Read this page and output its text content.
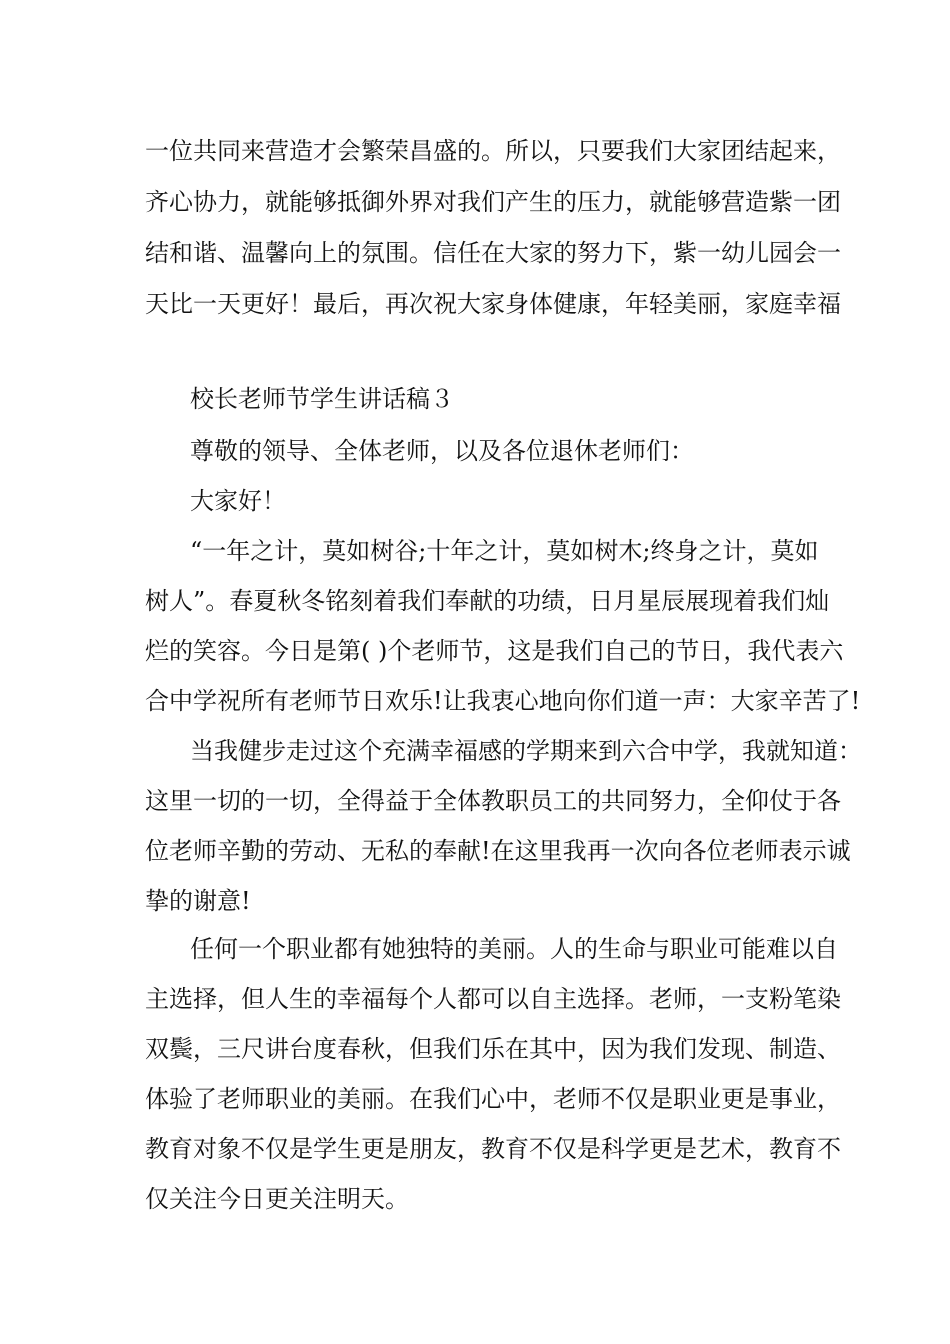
一位共同来营造才会繁荣昌盛的。所以，只要我们大家团结起来，
齐心协力，就能够抵御外界对我们产生的压力，就能够营造紫一团
结和谐、温馨向上的氛围。信任在大家的努力下，紫一幼儿园会一
天比一天更好！最后，再次祝大家身体健康，年轻美丽，家庭幸福
校长老师节学生讲话稿３
尊敬的领导、全体老师，以及各位退休老师们：
大家好！
“一年之计，莫如树谷;十年之计，莫如树木;终身之计，莫如
树人”。春夏秋冬铭刻着我们奉献的功绩，日月星辰展现着我们灿
烂的笑容。今日是第( )个老师节，这是我们自己的节日，我代表六
合中学祝所有老师节日欢乐!让我衷心地向你们道一声：大家辛苦了!
当我健步走过这个充满幸福感的学期来到六合中学，我就知道：
这里一切的一切，全得益于全体教职员工的共同努力，全仰仗于各
位老师辛勤的劳动、无私的奉献!在这里我再一次向各位老师表示诚
挚的谢意!
任何一个职业都有她独特的美丽。人的生命与职业可能难以自
主选择，但人生的幸福每个人都可以自主选择。老师，一支粉笔染
双鬓，三尺讲台度春秋，但我们乐在其中，因为我们发现、制造、
体验了老师职业的美丽。在我们心中，老师不仅是职业更是事业，
教育对象不仅是学生更是朋友，教育不仅是科学更是艺术，教育不
仅关注今日更关注明天。
